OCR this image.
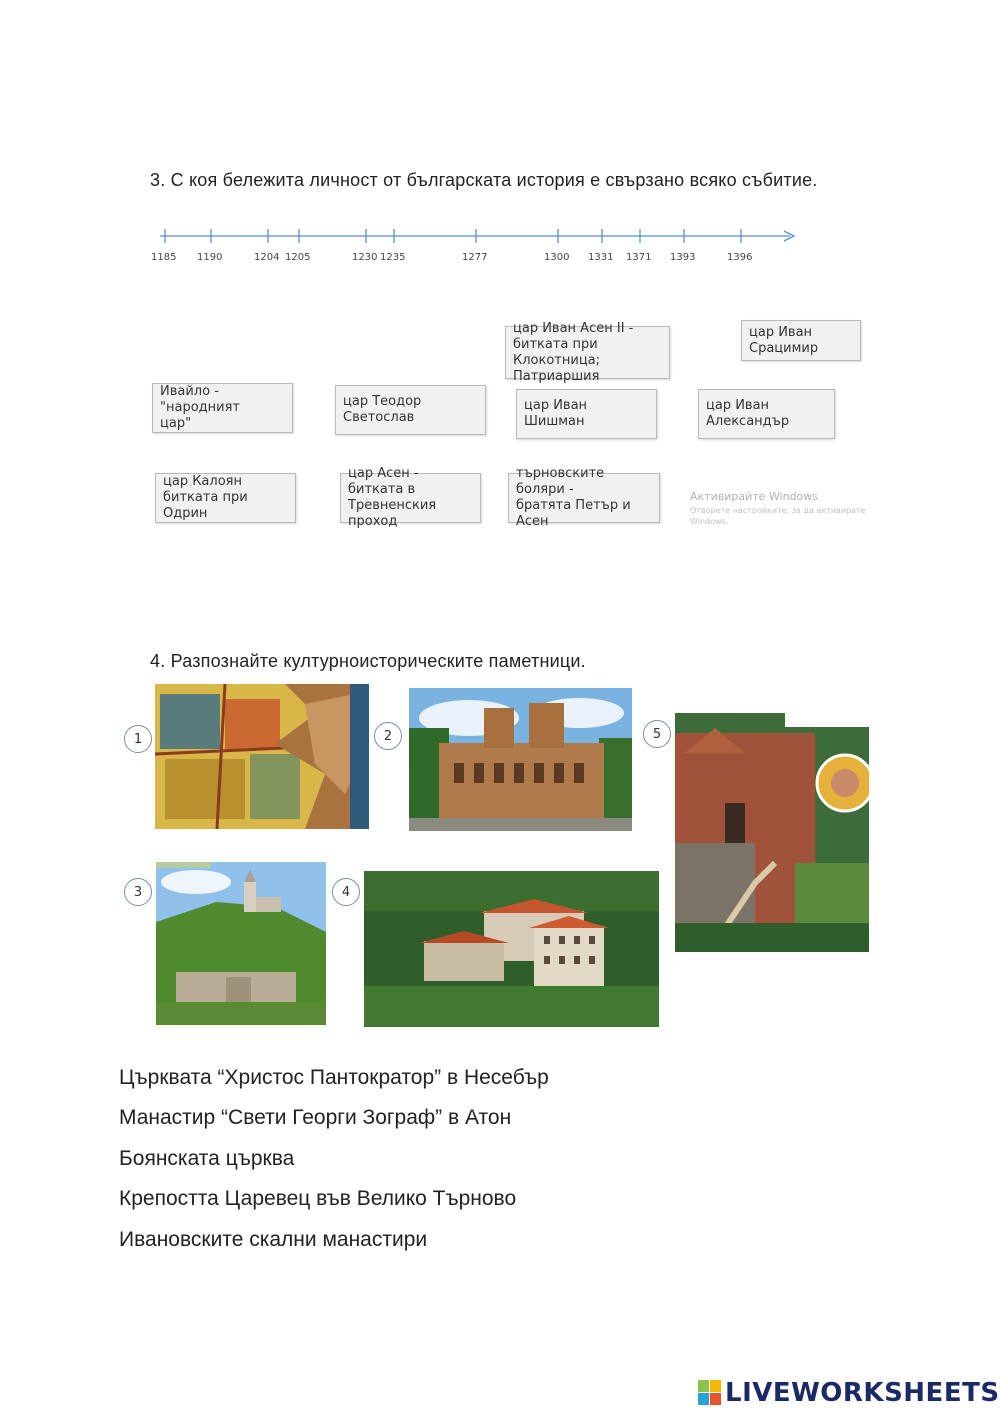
3. С коя бележита личност от българската история е свързано всяко събитие.
1185 1190	1204 1205	1230 1235	1277	1300 1331 1371 1393	1396
цар Иван Асен II -
битката при Клокотница;
Патриаршия
цар Иван
Срацимир
Ивайло - "народният
цар"
цар Теодор Светослав
цар Иван Шишман
цар Иван
Александър
цар Калоян
битката при Одрин
цар Асен - битката в
Тревненския проход
търновските боляри -
братята Петър и Асен
Активирайте Windows
Отворете настройките, за да активирате
Windows.
4. Разпознайте културноисторическите паметници.
1	2	5
3	4
Църквата “Христос Пантократор” в Несебър
Манастир “Свети Георги Зограф” в Атон
Боянската църква
Крепостта Царевец във Велико Търново
Ивановските скални манастири
LIVEWORKSHEETS
